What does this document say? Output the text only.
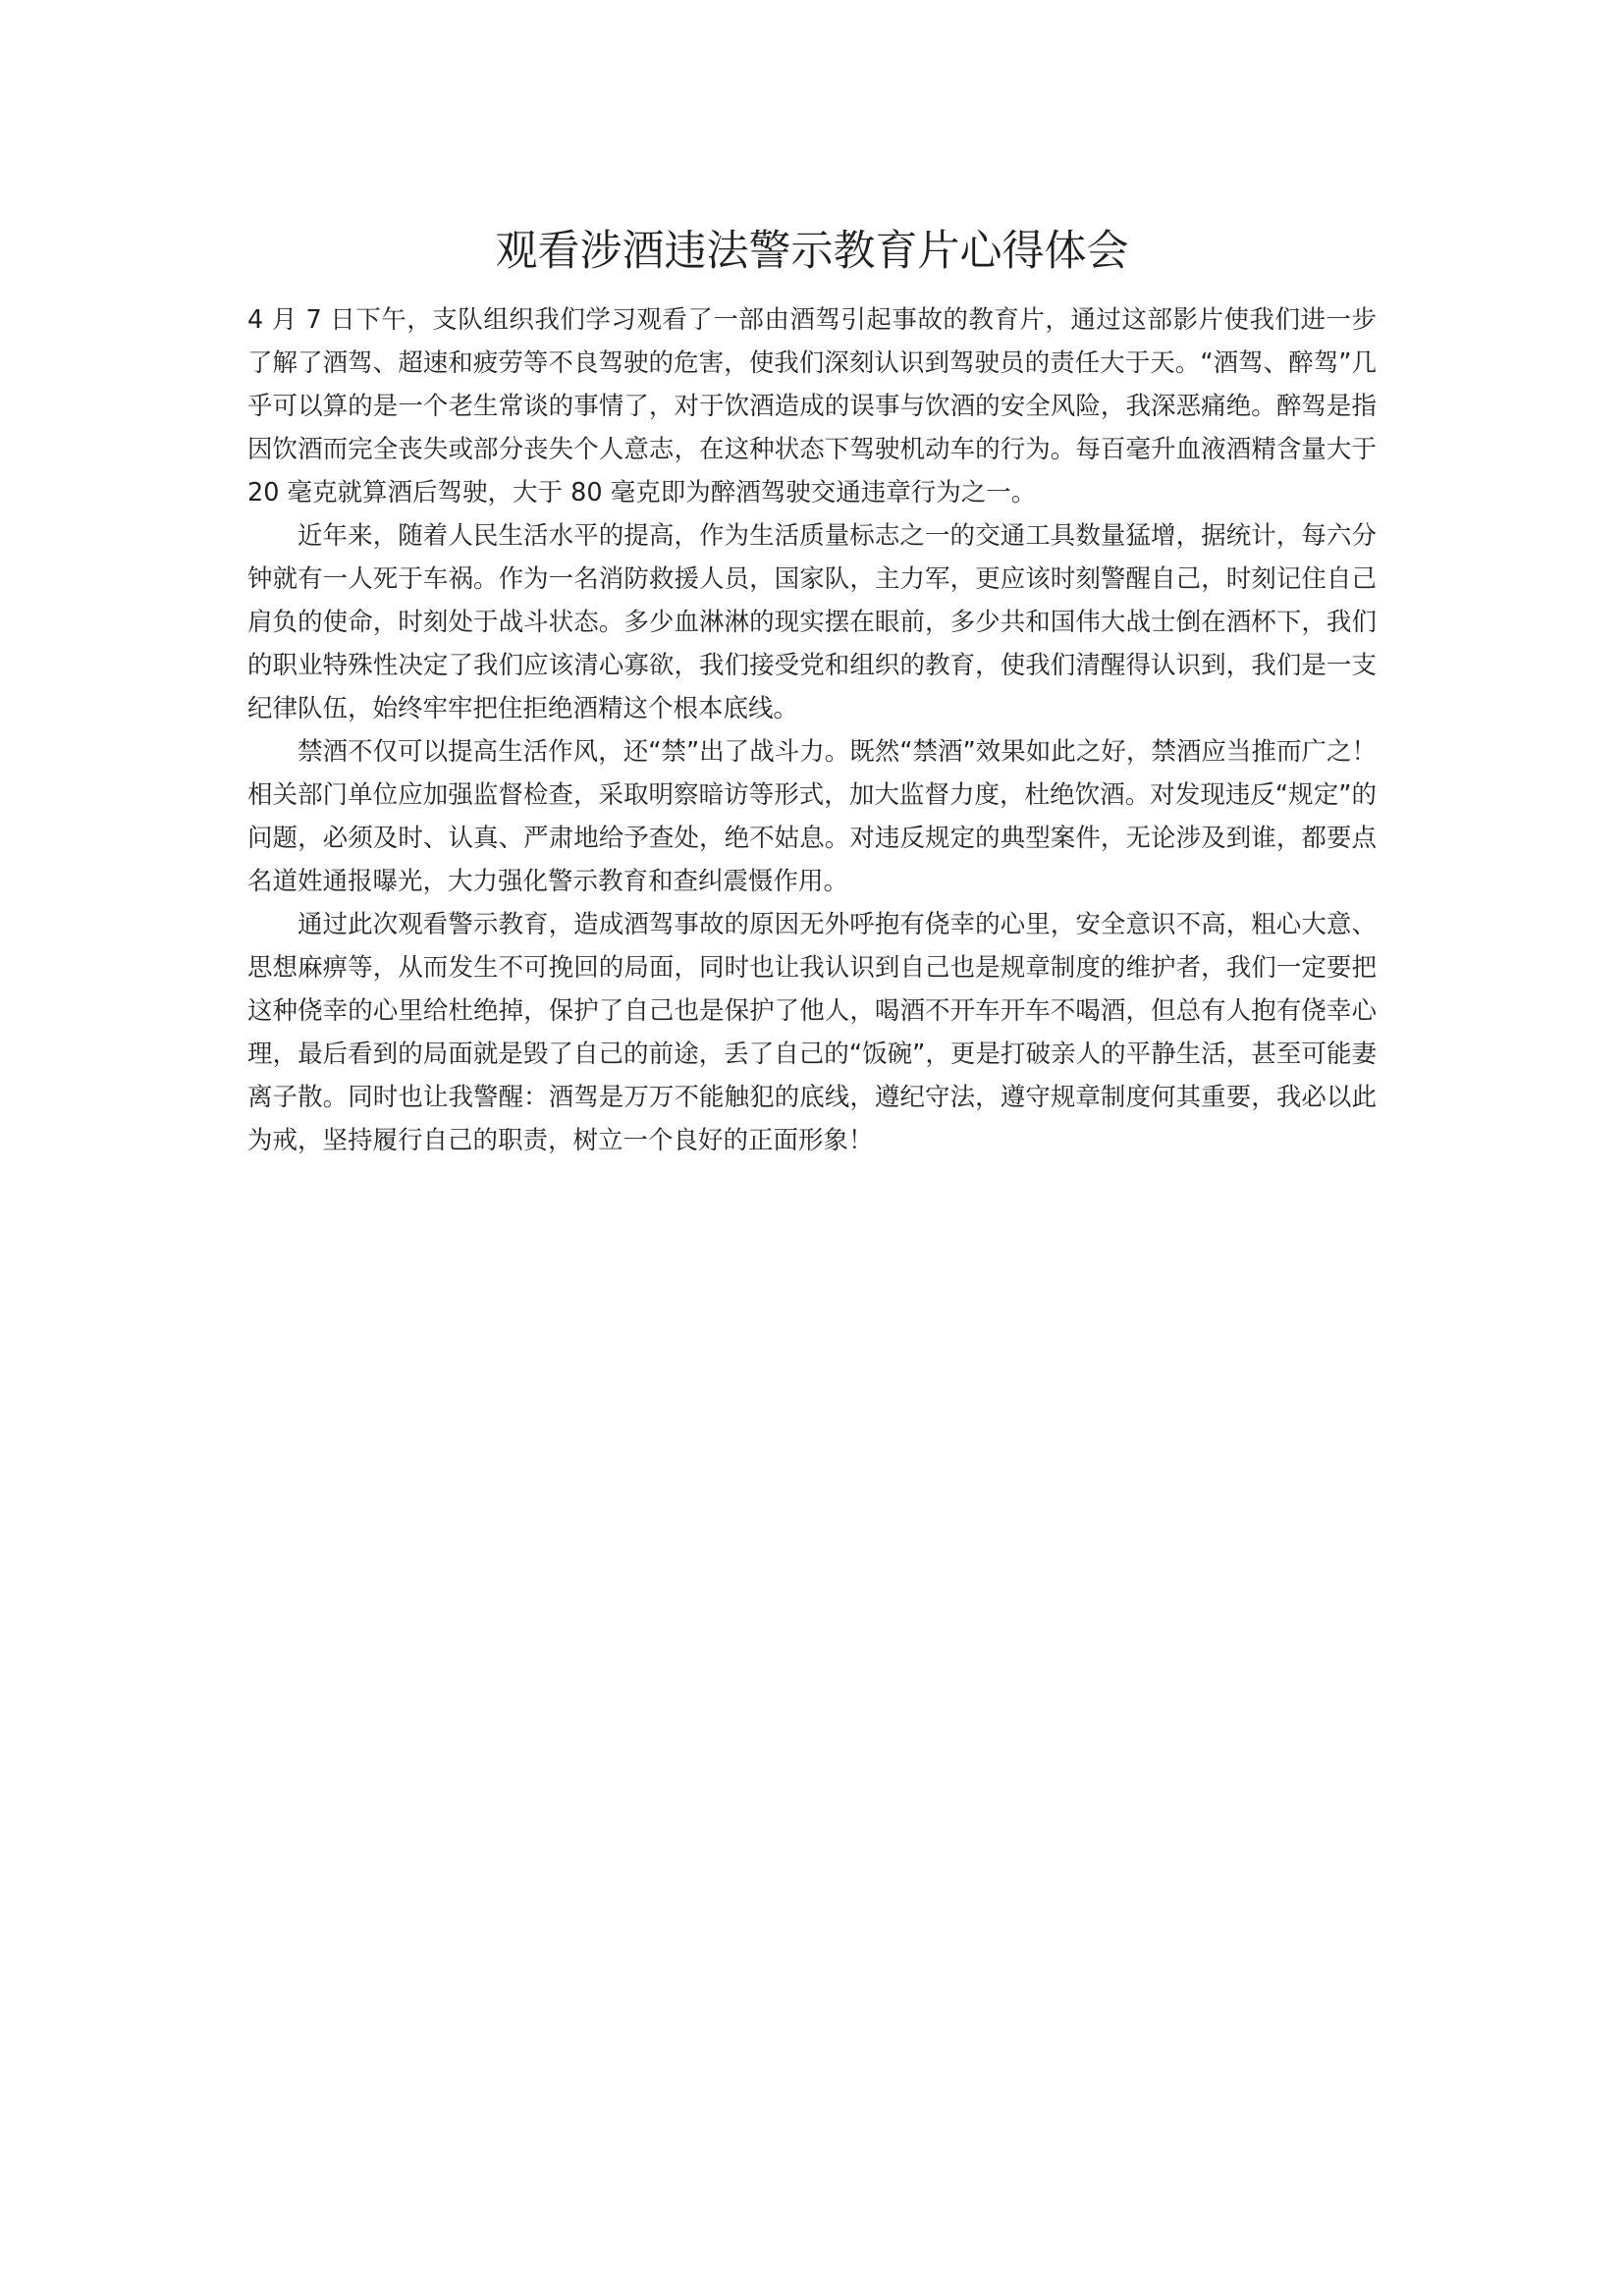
观看涉酒违法警示教育片心得体会

4 月 7 日下午，支队组织我们学习观看了一部由酒驾引起事故的教育片，通过这部影片使我们进一步了解了酒驾、超速和疲劳等不良驾驶的危害，使我们深刻认识到驾驶员的责任大于天。“酒驾、醉驾”几乎可以算的是一个老生常谈的事情了，对于饮酒造成的误事与饮酒的安全风险，我深恶痛绝。醉驾是指因饮酒而完全丧失或部分丧失个人意志，在这种状态下驾驶机动车的行为。每百毫升血液酒精含量大于 20 毫克就算酒后驾驶，大于 80 毫克即为醉酒驾驶交通违章行为之一。

近年来，随着人民生活水平的提高，作为生活质量标志之一的交通工具数量猛增，据统计，每六分钟就有一人死于车祸。作为一名消防救援人员，国家队，主力军，更应该时刻警醒自己，时刻记住自己肩负的使命，时刻处于战斗状态。多少血淋淋的现实摆在眼前，多少共和国伟大战士倒在酒杯下，我们的职业特殊性决定了我们应该清心寡欲，我们接受党和组织的教育，使我们清醒得认识到，我们是一支纪律队伍，始终牢牢把住拒绝酒精这个根本底线。

禁酒不仅可以提高生活作风，还“禁”出了战斗力。既然“禁酒”效果如此之好，禁酒应当推而广之！相关部门单位应加强监督检查，采取明察暗访等形式，加大监督力度，杜绝饮酒。对发现违反“规定”的问题，必须及时、认真、严肃地给予查处，绝不姑息。对违反规定的典型案件，无论涉及到谁，都要点名道姓通报曝光，大力强化警示教育和查纠震慑作用。

通过此次观看警示教育，造成酒驾事故的原因无外呼抱有侥幸的心里，安全意识不高，粗心大意、思想麻痹等，从而发生不可挽回的局面，同时也让我认识到自己也是规章制度的维护者，我们一定要把这种侥幸的心里给杜绝掉，保护了自己也是保护了他人，喝酒不开车开车不喝酒，但总有人抱有侥幸心理，最后看到的局面就是毁了自己的前途，丢了自己的“饭碗”，更是打破亲人的平静生活，甚至可能妻离子散。同时也让我警醒：酒驾是万万不能触犯的底线，遵纪守法，遵守规章制度何其重要，我必以此为戒，坚持履行自己的职责，树立一个良好的正面形象！
